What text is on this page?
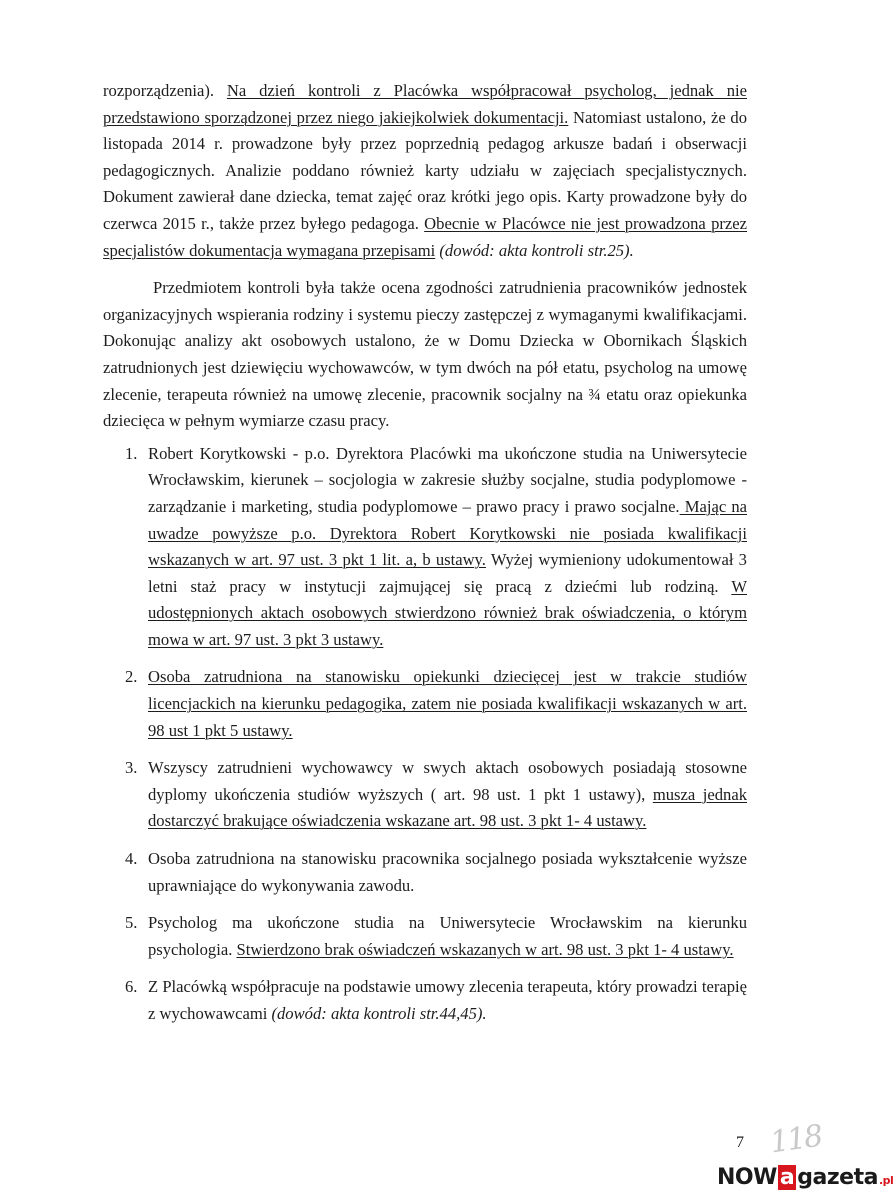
rozporządzenia). Na dzień kontroli z Placówka współpracował psycholog, jednak nie przedstawiono sporządzonej przez niego jakiejkolwiek dokumentacji. Natomiast ustalono, że do listopada 2014 r. prowadzone były przez poprzednią pedagog arkusze badań i obserwacji pedagogicznych. Analizie poddano również karty udziału w zajęciach specjalistycznych. Dokument zawierał dane dziecka, temat zajęć oraz krótki jego opis. Karty prowadzone były do czerwca 2015 r., także przez byłego pedagoga. Obecnie w Placówce nie jest prowadzona przez specjalistów dokumentacja wymagana przepisami (dowód: akta kontroli str.25).

Przedmiotem kontroli była także ocena zgodności zatrudnienia pracowników jednostek organizacyjnych wspierania rodziny i systemu pieczy zastępczej z wymaganymi kwalifikacjami. Dokonując analizy akt osobowych ustalono, że w Domu Dziecka w Obornikach Śląskich zatrudnionych jest dziewięciu wychowawców, w tym dwóch na pół etatu, psycholog na umowę zlecenie, terapeuta również na umowę zlecenie, pracownik socjalny na ¾ etatu oraz opiekunka dziecięca w pełnym wymiarze czasu pracy.

1. Robert Korytkowski - p.o. Dyrektora Placówki ma ukończone studia na Uniwersytecie Wrocławskim, kierunek – socjologia w zakresie służby socjalne, studia podyplomowe - zarządzanie i marketing, studia podyplomowe – prawo pracy i prawo socjalne. Mając na uwadze powyższe p.o. Dyrektora Robert Korytkowski nie posiada kwalifikacji wskazanych w art. 97 ust. 3 pkt 1 lit. a, b ustawy. Wyżej wymieniony udokumentował 3 letni staż pracy w instytucji zajmującej się pracą z dziećmi lub rodziną. W udostępnionych aktach osobowych stwierdzono również brak oświadczenia, o którym mowa w art. 97 ust. 3 pkt 3 ustawy.
2. Osoba zatrudniona na stanowisku opiekunki dziecięcej jest w trakcie studiów licencjackich na kierunku pedagogika, zatem nie posiada kwalifikacji wskazanych w art. 98 ust 1 pkt 5 ustawy.
3. Wszyscy zatrudnieni wychowawcy w swych aktach osobowych posiadają stosowne dyplomy ukończenia studiów wyższych ( art. 98 ust. 1 pkt 1 ustawy), musza jednak dostarczyć brakujące oświadczenia wskazane art. 98 ust. 3 pkt 1- 4 ustawy.
4. Osoba zatrudniona na stanowisku pracownika socjalnego posiada wykształcenie wyższe uprawniające do wykonywania zawodu.
5. Psycholog ma ukończone studia na Uniwersytecie Wrocławskim na kierunku psychologia. Stwierdzono brak oświadczeń wskazanych w art. 98 ust. 3 pkt 1- 4 ustawy.
6. Z Placówką współpracuje na podstawie umowy zlecenia terapeuta, który prowadzi terapię z wychowawcami (dowód: akta kontroli str.44,45).
7 118
NOW a gazeta .pl
